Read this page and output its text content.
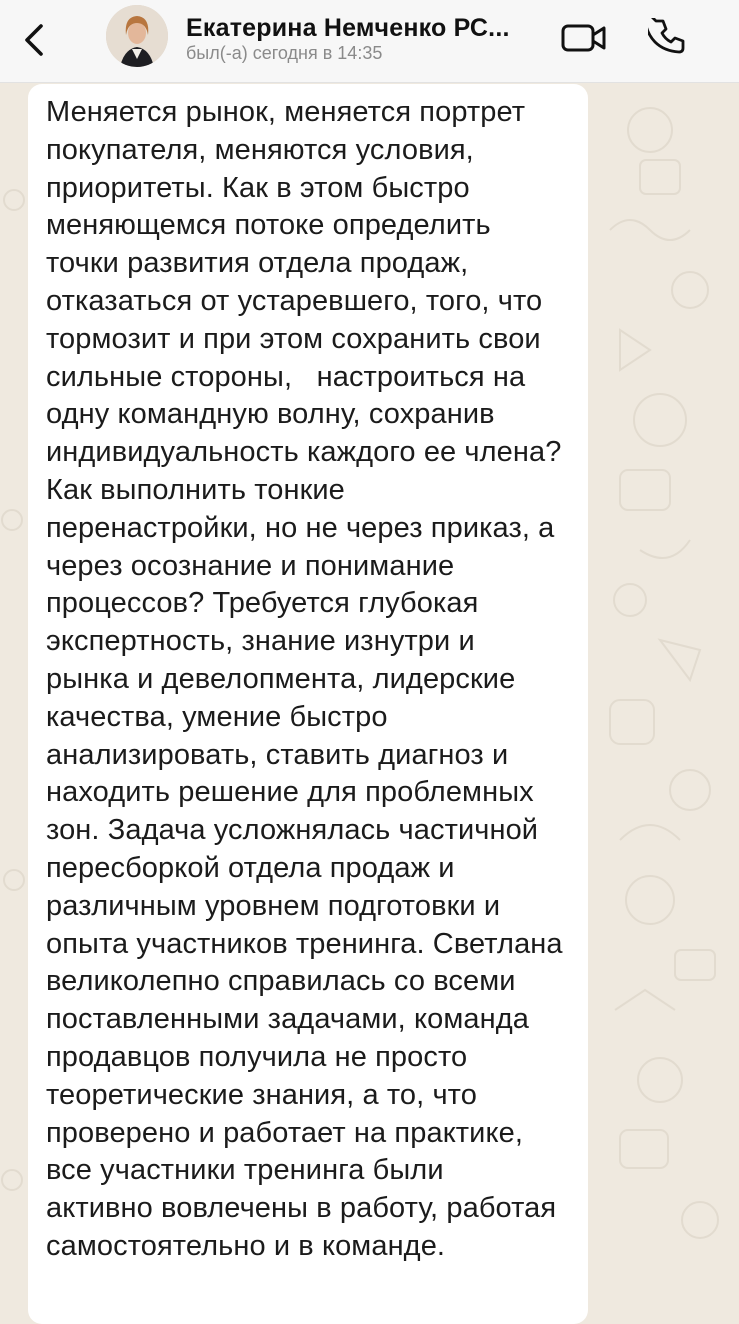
Екатерина Немченко РС...
был(-а) сегодня в 14:35

Меняется рынок, меняется портрет
покупателя, меняются условия,
приоритеты. Как в этом быстро
меняющемся потоке определить
точки развития отдела продаж,
отказаться от устаревшего, того, что
тормозит и при этом сохранить свои
сильные стороны,   настроиться на
одну командную волну, сохранив
индивидуальность каждого ее члена?
Как выполнить тонкие
перенастройки, но не через приказ, а
через осознание и понимание
процессов? Требуется глубокая
экспертность, знание изнутри и
рынка и девелопмента, лидерские
качества, умение быстро
анализировать, ставить диагноз и
находить решение для проблемных
зон. Задача усложнялась частичной
пересборкой отдела продаж и
различным уровнем подготовки и
опыта участников тренинга. Светлана
великолепно справилась со всеми
поставленными задачами, команда
продавцов получила не просто
теоретические знания, а то, что
проверено и работает на практике,
все участники тренинга были
активно вовлечены в работу, работая
самостоятельно и в команде.
